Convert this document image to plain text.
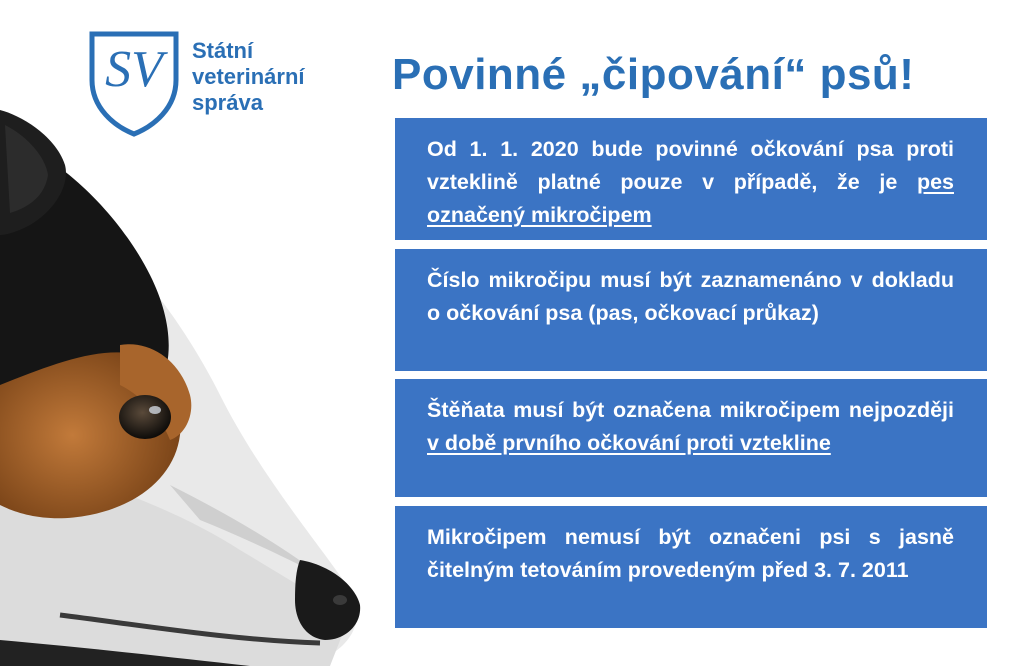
SV Státní
veterinární
správa
Povinné „čipování“ psů!
Od 1. 1. 2020 bude povinné očkování psa proti vzteklině platné pouze v případě, že je pes označený mikročipem
Číslo mikročipu musí být zaznamenáno v dokladu o očkování psa (pas, očkovací průkaz)
Štěňata musí být označena mikročipem nejpozději v době prvního očkování proti vztekline
Mikročipem nemusí být označeni psi s jasně čitelným tetováním provedeným před 3. 7. 2011
